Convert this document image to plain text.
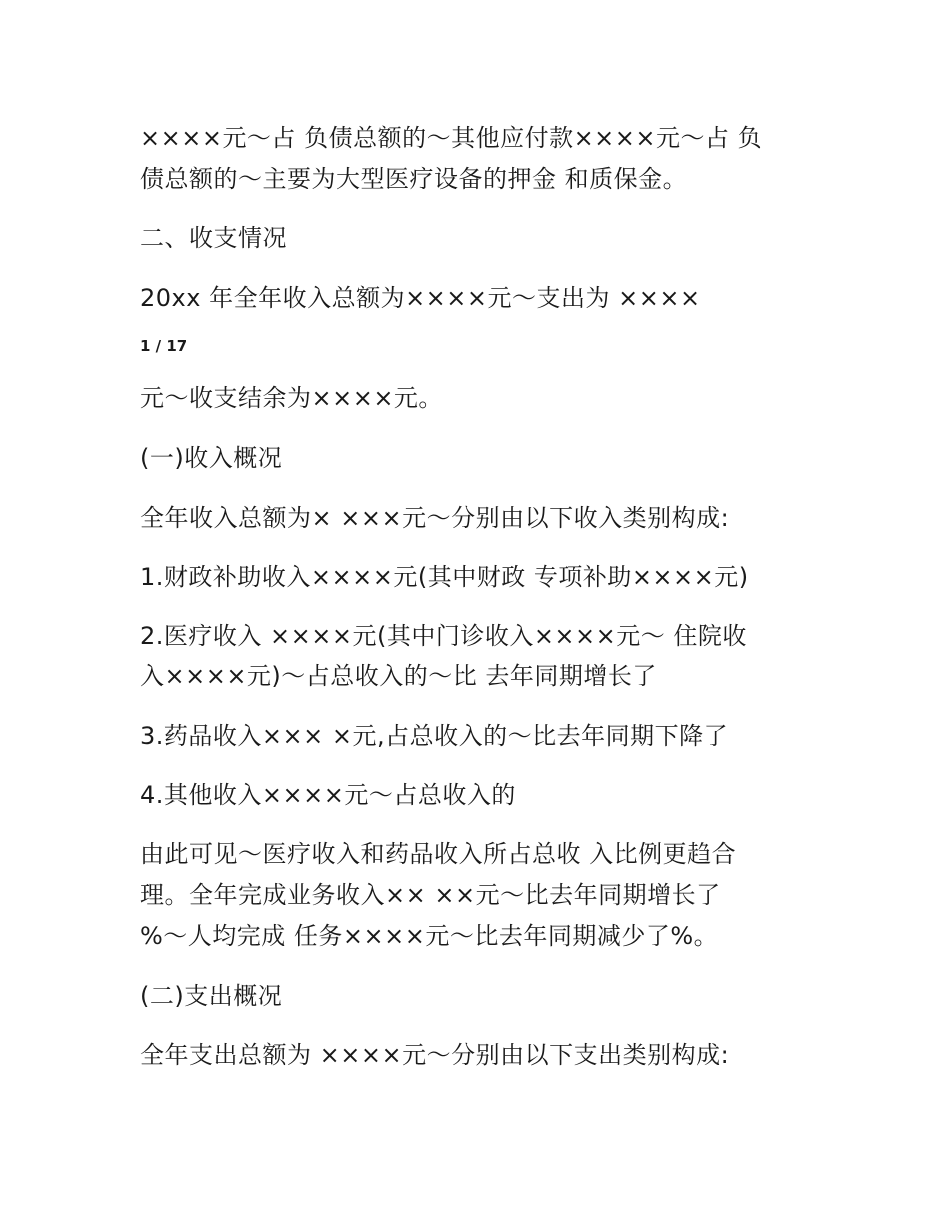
××××元～占 负债总额的～其他应付款××××元～占 负
债总额的～主要为大型医疗设备的押金 和质保金。
二、收支情况
20xx 年全年收入总额为××××元～支出为 ××××
1 / 17
元～收支结余为××××元。
(一)收入概况
全年收入总额为× ×××元～分别由以下收入类别构成:
1.财政补助收入××××元(其中财政 专项补助××××元)
2.医疗收入 ××××元(其中门诊收入××××元～ 住院收
入××××元)～占总收入的～比 去年同期增长了
3.药品收入××× ×元,占总收入的～比去年同期下降了
4.其他收入××××元～占总收入的
由此可见～医疗收入和药品收入所占总收 入比例更趋合
理。全年完成业务收入×× ××元～比去年同期增长了
%～人均完成 任务××××元～比去年同期减少了%。
(二)支出概况
全年支出总额为 ××××元～分别由以下支出类别构成:
